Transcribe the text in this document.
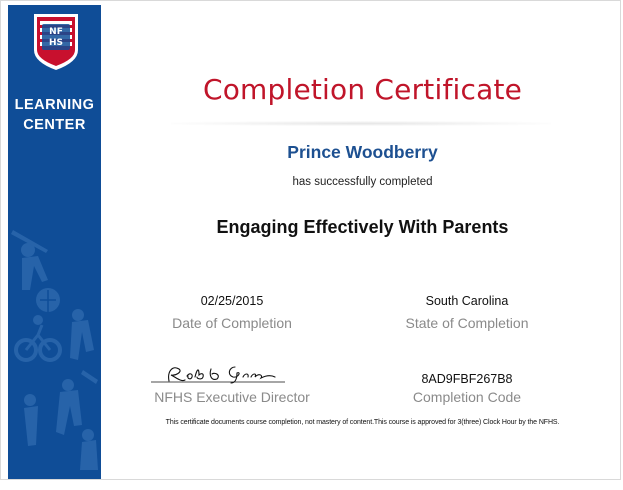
NF
HS
LEARNING
CENTER
Completion Certificate
Prince Woodberry
has successfully completed
Engaging Effectively With Parents
02/25/2015
Date of Completion
South Carolina
State of Completion
NFHS Executive Director
8AD9FBF267B8
Completion Code
This certificate documents course completion, not mastery of content.This course is approved for 3(three) Clock Hour by the NFHS.
